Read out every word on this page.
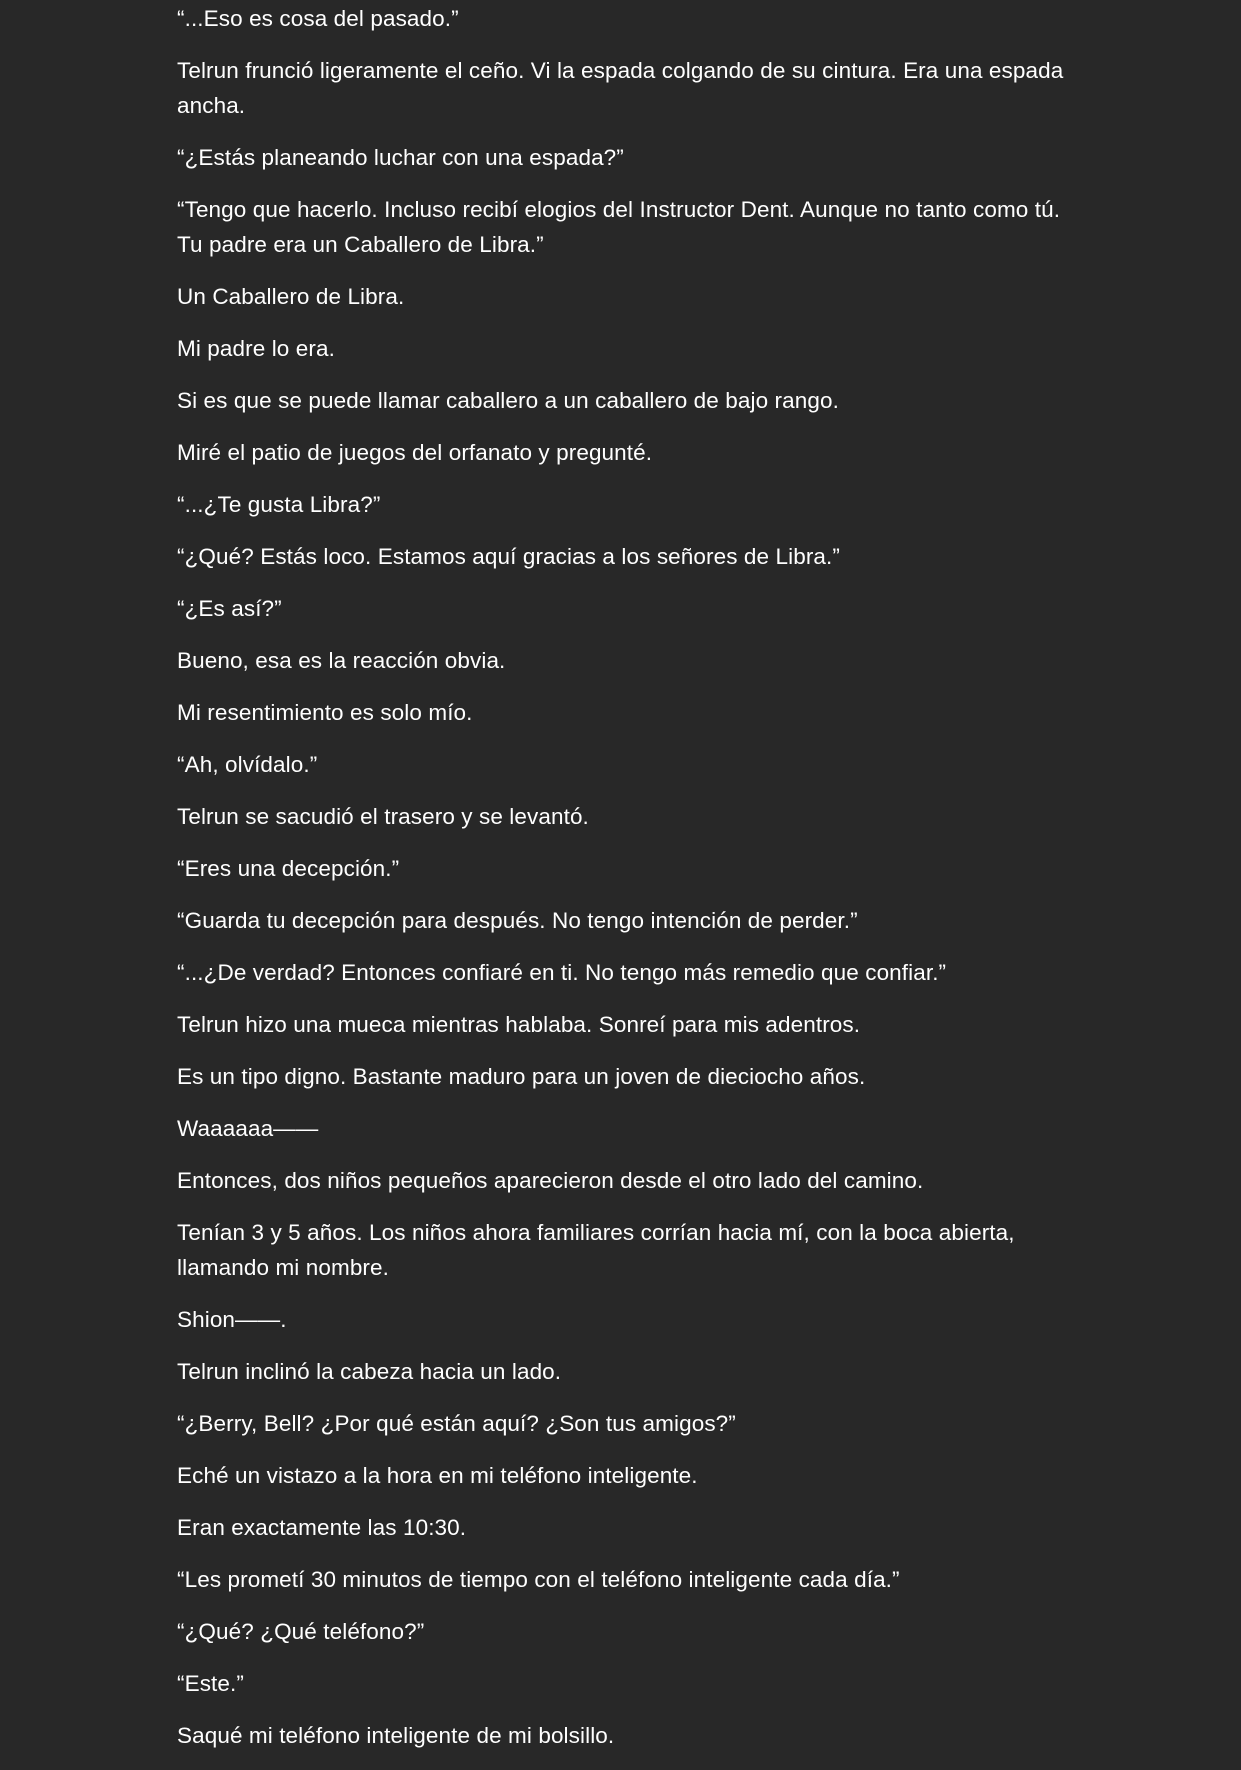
“...Eso es cosa del pasado.”

Telrun frunció ligeramente el ceño. Vi la espada colgando de su cintura. Era una espada ancha.

“¿Estás planeando luchar con una espada?”

“Tengo que hacerlo. Incluso recibí elogios del Instructor Dent. Aunque no tanto como tú. Tu padre era un Caballero de Libra.”

Un Caballero de Libra.

Mi padre lo era.

Si es que se puede llamar caballero a un caballero de bajo rango.

Miré el patio de juegos del orfanato y pregunté.

“...¿Te gusta Libra?”

“¿Qué? Estás loco. Estamos aquí gracias a los señores de Libra.”

“¿Es así?”

Bueno, esa es la reacción obvia.

Mi resentimiento es solo mío.

“Ah, olvídalo.”

Telrun se sacudió el trasero y se levantó.

“Eres una decepción.”

“Guarda tu decepción para después. No tengo intención de perder.”

“...¿De verdad? Entonces confiaré en ti. No tengo más remedio que confiar.”

Telrun hizo una mueca mientras hablaba. Sonreí para mis adentros.

Es un tipo digno. Bastante maduro para un joven de dieciocho años.

Waaaaaa——

Entonces, dos niños pequeños aparecieron desde el otro lado del camino.

Tenían 3 y 5 años. Los niños ahora familiares corrían hacia mí, con la boca abierta, llamando mi nombre.

Shion——.

Telrun inclinó la cabeza hacia un lado.

“¿Berry, Bell? ¿Por qué están aquí? ¿Son tus amigos?”

Eché un vistazo a la hora en mi teléfono inteligente.

Eran exactamente las 10:30.

“Les prometí 30 minutos de tiempo con el teléfono inteligente cada día.”

“¿Qué? ¿Qué teléfono?”

“Este.”

Saqué mi teléfono inteligente de mi bolsillo.
